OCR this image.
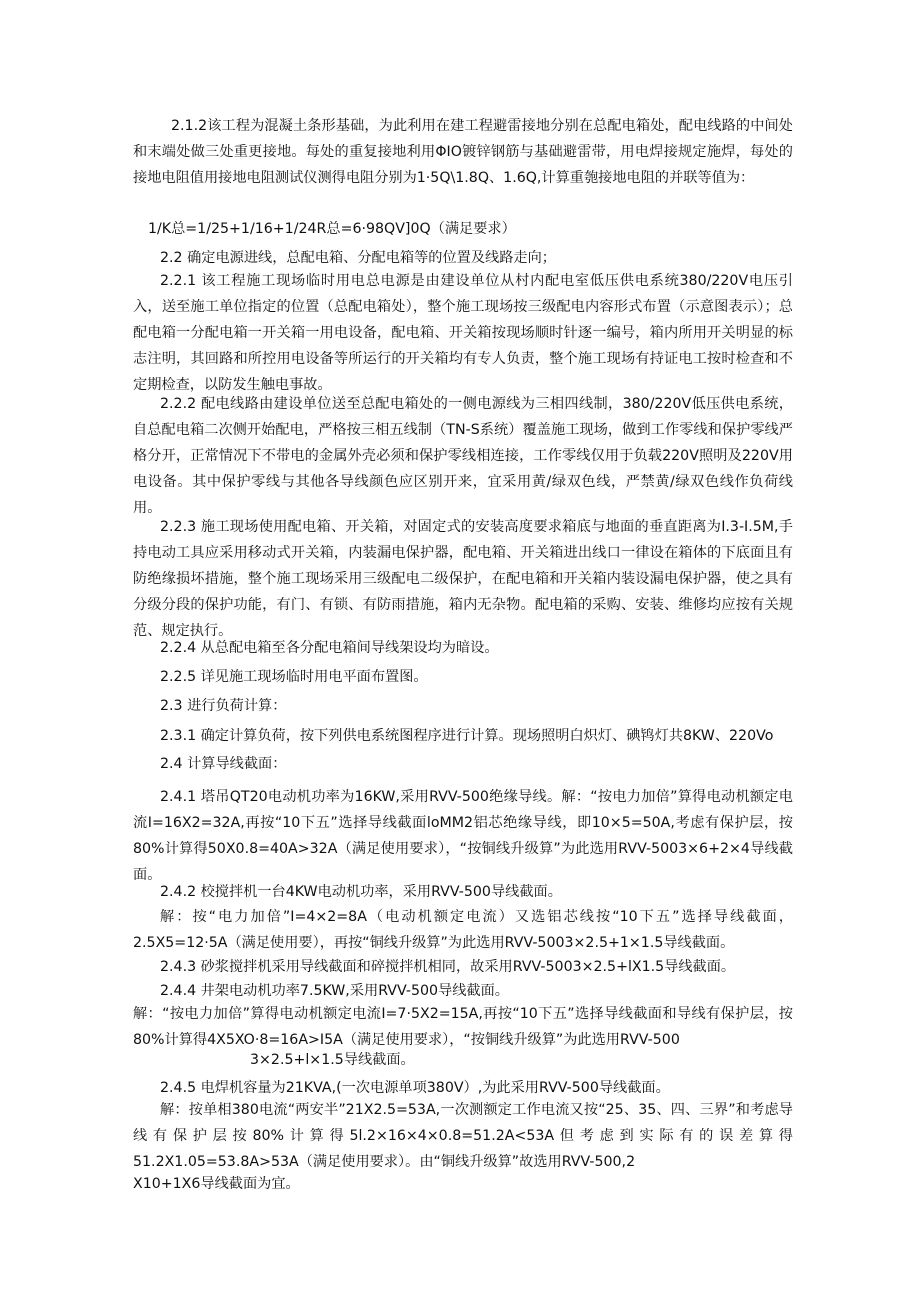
2.1.2该工程为混凝土条形基础，为此利用在建工程避雷接地分别在总配电箱处，配电线路的中间处和末端处做三处重更接地。每处的重复接地利用ΦIO镀锌钢筋与基础避雷带，用电焊接规定施焊，每处的接地电阻值用接地电阻测试仪测得电阻分别为1·5Q\1.8Q、1.6Q,计算重匏接地电阻的并联等值为：

1/K总=1/25+1/16+1/24R总=6·98QV]0Q（满足要求）

2.2 确定电源进线，总配电箱、分配电箱等的位置及线路走向；

2.2.1 该工程施工现场临时用电总电源是由建设单位从村内配电室低压供电系统380/220V电压引入，送至施工单位指定的位置（总配电箱处），整个施工现场按三级配电内容形式布置（示意图表示）；总配电箱一分配电箱一开关箱一用电设备，配电箱、开关箱按现场顺时针逐一编号，箱内所用开关明显的标志注明，其回路和所控用电设备等所运行的开关箱均有专人负责，整个施工现场有持证电工按时检查和不定期检查，以防发生触电事故。

2.2.2 配电线路由建设单位送至总配电箱处的一侧电源线为三相四线制，380/220V低压供电系统，自总配电箱二次侧开始配电，严格按三相五线制（TN-S系统）覆盖施工现场，做到工作零线和保护零线严格分开，正常情况下不带电的金属外壳必须和保护零线相连接，工作零线仅用于负载220V照明及220V用电设备。其中保护零线与其他各导线颜色应区别开来，宜采用黄/绿双色线，严禁黄/绿双色线作负荷线用。

2.2.3 施工现场使用配电箱、开关箱，对固定式的安装高度要求箱底与地面的垂直距离为I.3-I.5M,手持电动工具应采用移动式开关箱，内装漏电保护器，配电箱、开关箱进出线口一律设在箱体的下底面且有防绝缘损坏措施，整个施工现场采用三级配电二级保护，在配电箱和开关箱内装设漏电保护器，使之具有分级分段的保护功能，有门、有锁、有防雨措施，箱内无杂物。配电箱的采购、安装、维修均应按有关规范、规定执行。

2.2.4 从总配电箱至各分配电箱间导线架设均为暗设。

2.2.5 详见施工现场临时用电平面布置图。

2.3 进行负荷计算：

2.3.1 确定计算负荷，按下列供电系统图程序进行计算。现场照明白炽灯、碘鸨灯共8KW、220Vo

2.4 计算导线截面：

2.4.1 塔吊QT20电动机功率为16KW,采用RVV-500绝缘导线。解：“按电力加倍”算得电动机额定电流I=16X2=32A,再按“10下五”选择导线截面loMM2铝芯绝缘导线，即10×5=50A,考虑有保护层，按80%计算得50X0.8=40A>32A（满足使用要求），“按铜线升级算”为此选用RVV-5003×6+2×4导线截面。

2.4.2 校搅拌机一台4KW电动机功率，采用RVV-500导线截面。

解：按“电力加倍”I=4×2=8A（电动机额定电流）又选铝芯线按“10下五”选择导线截面，2.5X5=12·5A（满足使用要），再按“铜线升级算”为此选用RVV-5003×2.5+1×1.5导线截面。

2.4.3 砂浆搅拌机采用导线截面和碎搅拌机相同，故采用RVV-5003×2.5+lX1.5导线截面。

2.4.4 井架电动机功率7.5KW,采用RVV-500导线截面。

解：“按电力加倍”算得电动机额定电流I=7·5X2=15A,再按“10下五”选择导线截面和导线有保护层，按80%计算得4X5XO·8=16A>I5A（满足使用要求），“按铜线升级算”为此选用RVV-500

3×2.5+l×1.5导线截面。

2.4.5 电焊机容量为21KVA,(一次电源单项380V）,为此采用RVV-500导线截面。

解：按单相380电流“两安半”21X2.5=53A,一次测额定工作电流又按“25、35、四、三界”和考虑导线有保护层按80%计算得5l.2×16×4×0.8=51.2A<53A但考虑到实际有的误差算得51.2X1.05=53.8A>53A（满足使用要求）。由“铜线升级算”故选用RVV-500,2

X10+1X6导线截面为宜。
